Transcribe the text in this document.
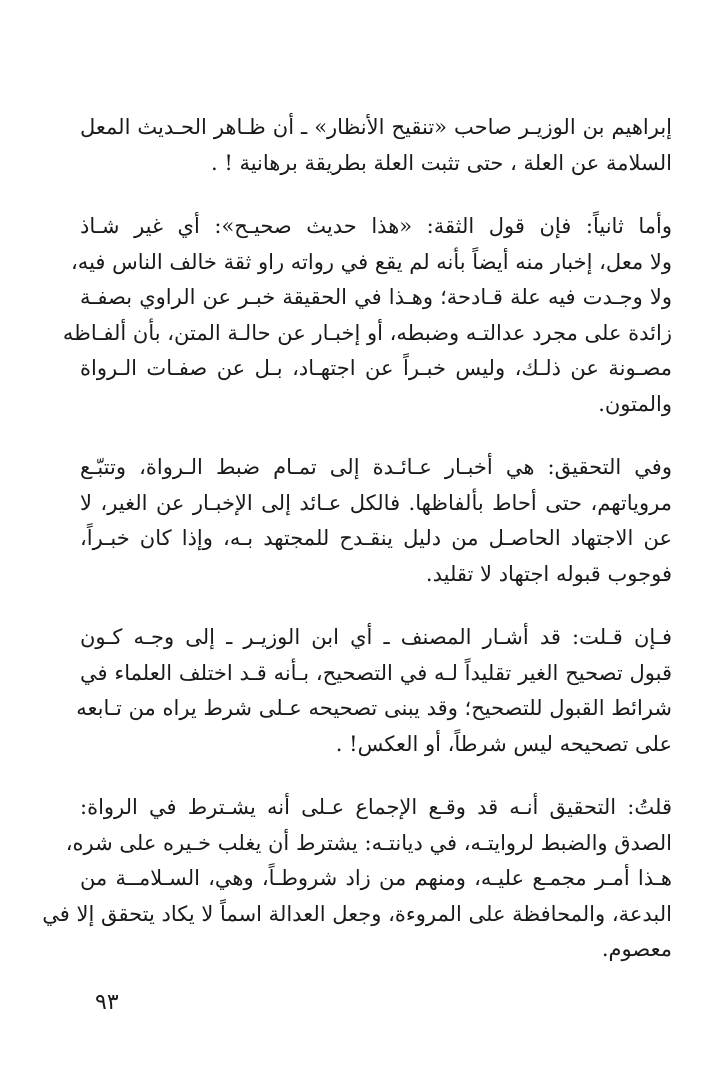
إبراهيم بن الوزيـر صاحب «تنقيح الأنظار» ـ أن ظـاهر الحـديث المعل
السلامة عن العلة ، حتى تثبت العلة بطريقة برهانية ! .
وأما ثانياً: فإن قول الثقة: «هذا حديث صحيـح»: أي غير شـاذ
ولا معل، إخبار منه أيضاً بأنه لم يقع في رواته راو ثقة خالف الناس فيه،
ولا وجـدت فيه علة قـادحة؛ وهـذا في الحقيقة خبـر عن الراوي بصفـة
زائدة على مجرد عدالتـه وضبطه، أو إخبـار عن حالـة المتن، بأن ألفـاظه
مصـونة عن ذلـك، وليس خبـراً عن اجتهـاد، بـل عن صفـات الـرواة
والمتون.
وفي التحقيق: هي أخبـار عـائـدة إلى تمـام ضبط الـرواة، وتتبّـع
مروياتهم، حتى أحاط بألفاظها. فالكل عـائد إلى الإخبـار عن الغير، لا
عن الاجتهاد الحاصـل من دليل ينقـدح للمجتهد بـه، وإذا كان خبـراً،
فوجوب قبوله اجتهاد لا تقليد.
فـإن قـلت: قد أشـار المصنف ـ أي ابن الوزيـر ـ إلى وجـه كـون
قبول تصحيح الغير تقليداً لـه في التصحيح، بـأنه قـد اختلف العلماء في
شرائط القبول للتصحيح؛ وقد يبنى تصحيحه عـلى شرط يراه من تـابعه
على تصحيحه ليس شرطاً، أو العكس! .
قلتُ: التحقيق أنـه قد وقـع الإجماع عـلى أنه يشـترط في الرواة:
الصدق والضبط لروايتـه، في ديانتـه: يشترط أن يغلب خـيره على شره،
هـذا أمـر مجمـع عليـه، ومنهم من زاد شروطـاً، وهي، السـلامــة من
البدعة، والمحافظة على المروءة، وجعل العدالة اسماً لا يكاد يتحقق إلا في
معصوم.
٩٣
